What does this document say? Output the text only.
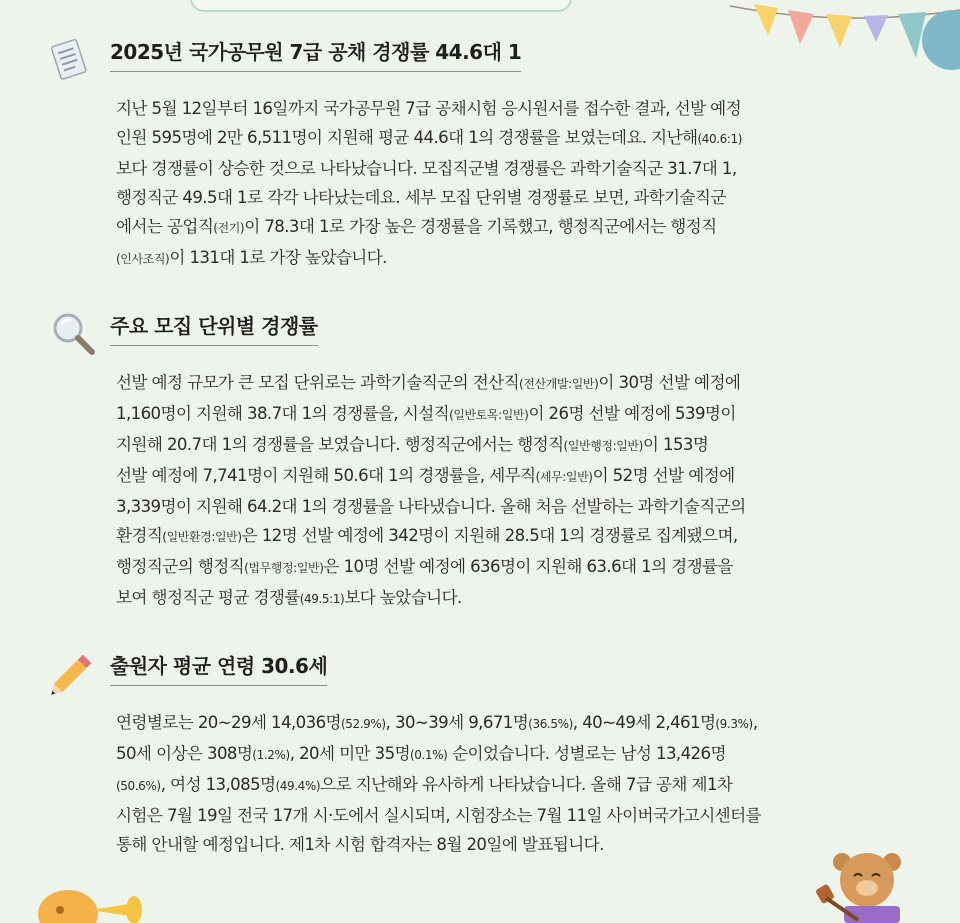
2025년 국가공무원 7급 공채 경쟁률 44.6대 1

지난 5월 12일부터 16일까지 국가공무원 7급 공채시험 응시원서를 접수한 결과, 선발 예정
인원 595명에 2만 6,511명이 지원해 평균 44.6대 1의 경쟁률을 보였는데요. 지난해(40.6:1)
보다 경쟁률이 상승한 것으로 나타났습니다. 모집직군별 경쟁률은 과학기술직군 31.7대 1,
행정직군 49.5대 1로 각각 나타났는데요. 세부 모집 단위별 경쟁률로 보면, 과학기술직군
에서는 공업직(전기)이 78.3대 1로 가장 높은 경쟁률을 기록했고, 행정직군에서는 행정직
(인사조직)이 131대 1로 가장 높았습니다.

주요 모집 단위별 경쟁률

선발 예정 규모가 큰 모집 단위로는 과학기술직군의 전산직(전산개발:일반)이 30명 선발 예정에
1,160명이 지원해 38.7대 1의 경쟁률을, 시설직(일반토목:일반)이 26명 선발 예정에 539명이
지원해 20.7대 1의 경쟁률을 보였습니다. 행정직군에서는 행정직(일반행정:일반)이 153명
선발 예정에 7,741명이 지원해 50.6대 1의 경쟁률을, 세무직(세무:일반)이 52명 선발 예정에
3,339명이 지원해 64.2대 1의 경쟁률을 나타냈습니다. 올해 처음 선발하는 과학기술직군의
환경직(일반환경:일반)은 12명 선발 예정에 342명이 지원해 28.5대 1의 경쟁률로 집계됐으며,
행정직군의 행정직(법무행정:일반)은 10명 선발 예정에 636명이 지원해 63.6대 1의 경쟁률을
보여 행정직군 평균 경쟁률(49.5:1)보다 높았습니다.

출원자 평균 연령 30.6세

연령별로는 20~29세 14,036명(52.9%), 30~39세 9,671명(36.5%), 40~49세 2,461명(9.3%),
50세 이상은 308명(1.2%), 20세 미만 35명(0.1%) 순이었습니다. 성별로는 남성 13,426명
(50.6%), 여성 13,085명(49.4%)으로 지난해와 유사하게 나타났습니다. 올해 7급 공채 제1차
시험은 7월 19일 전국 17개 시·도에서 실시되며, 시험장소는 7월 11일 사이버국가고시센터를
통해 안내할 예정입니다. 제1차 시험 합격자는 8월 20일에 발표됩니다.
